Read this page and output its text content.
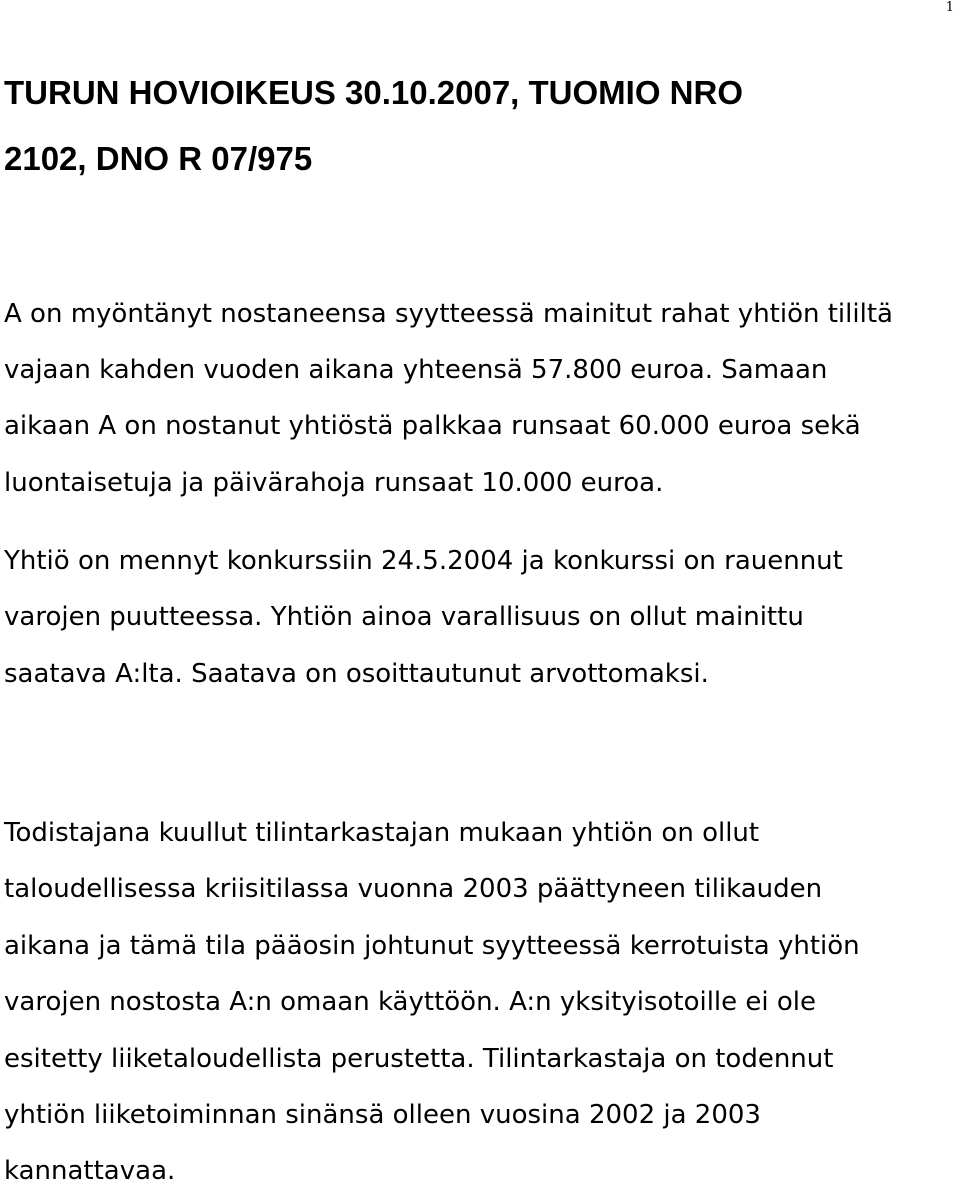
1
TURUN HOVIOIKEUS 30.10.2007, TUOMIO NRO
2102, DNO R 07/975
A on myöntänyt nostaneensa syytteessä mainitut rahat yhtiön tililtä
vajaan kahden vuoden aikana yhteensä 57.800 euroa. Samaan
aikaan A on nostanut yhtiöstä palkkaa runsaat 60.000 euroa sekä
luontaisetuja ja päivärahoja runsaat 10.000 euroa.
Yhtiö on mennyt konkurssiin 24.5.2004 ja konkurssi on rauennut
varojen puutteessa. Yhtiön ainoa varallisuus on ollut mainittu
saatava A:lta. Saatava on osoittautunut arvottomaksi.
Todistajana kuullut tilintarkastajan mukaan yhtiön on ollut
taloudellisessa kriisitilassa vuonna 2003 päättyneen tilikauden
aikana ja tämä tila pääosin johtunut syytteessä kerrotuista yhtiön
varojen nostosta A:n omaan käyttöön. A:n yksityisotoille ei ole
esitetty liiketaloudellista perustetta. Tilintarkastaja on todennut
yhtiön liiketoiminnan sinänsä olleen vuosina 2002 ja 2003
kannattavaa.
